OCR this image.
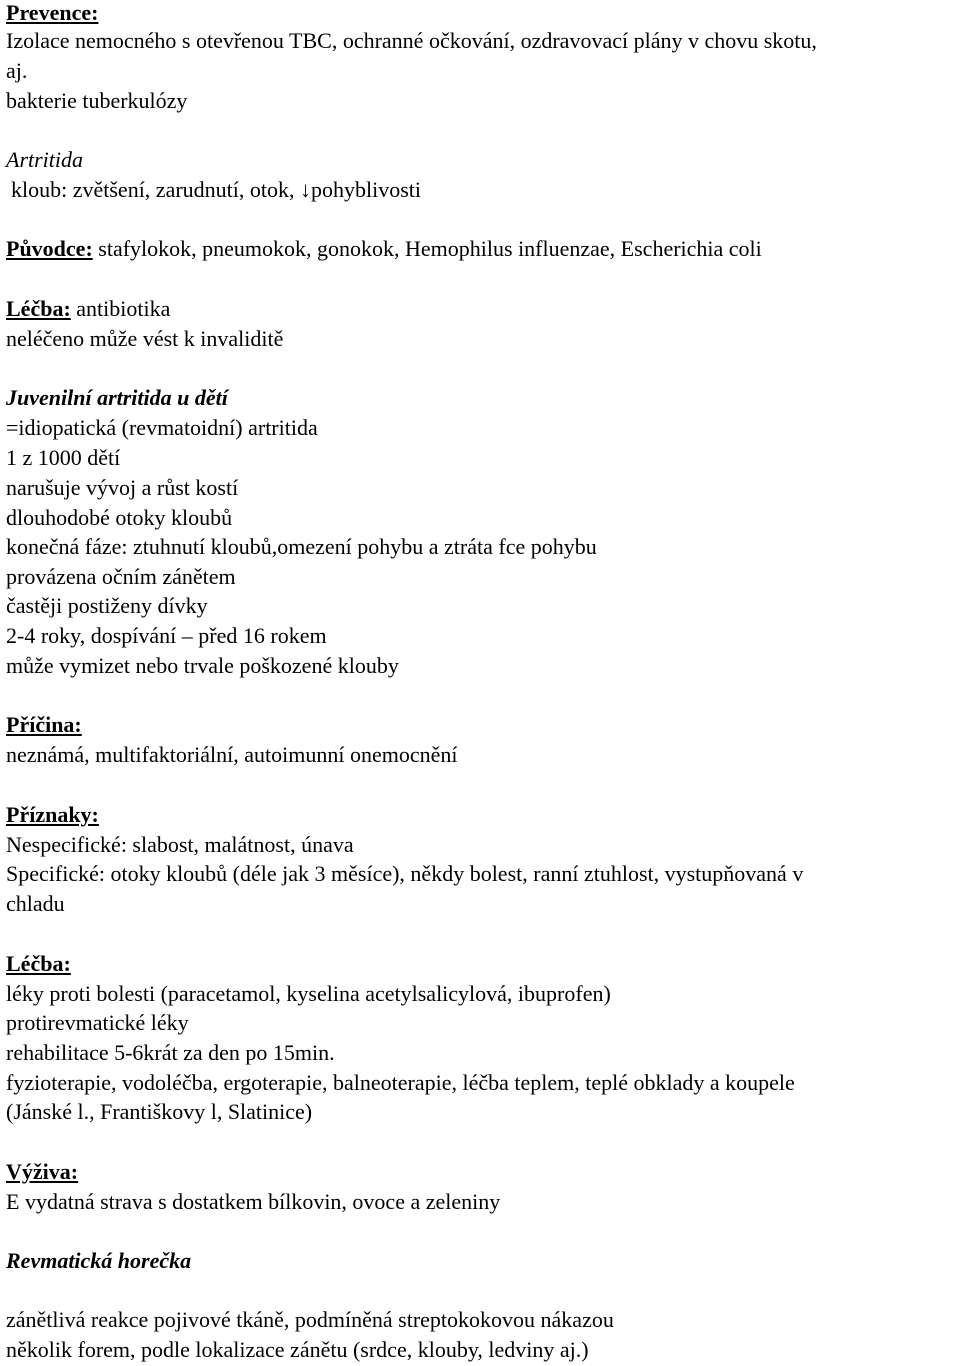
Prevence:
Izolace nemocného s otevřenou TBC, ochranné očkování, ozdravovací plány v chovu skotu,
aj.
bakterie tuberkulózy
Artritida
kloub: zvětšení, zarudnutí, otok, ↓pohyblivosti
Původce: stafylokok, pneumokok, gonokok, Hemophilus influenzae, Escherichia coli
Léčba: antibiotika
neléčeno může vést k invaliditě
Juvenilní artritida u dětí
=idiopatická (revmatoidní) artritida
1 z 1000 dětí
narušuje vývoj a růst kostí
dlouhodobé otoky kloubů
konečná fáze: ztuhnutí kloubů,omezení pohybu a ztráta fce pohybu
provázena očním zánětem
častěji postiženy dívky
2-4 roky, dospívání – před 16 rokem
může vymizet nebo trvale poškozené klouby
Příčina:
neznámá, multifaktoriální, autoimunní onemocnění
Příznaky:
Nespecifické: slabost, malátnost, únava
Specifické: otoky kloubů (déle jak 3 měsíce), někdy bolest, ranní ztuhlost, vystupňovaná v
chladu
Léčba:
léky proti bolesti (paracetamol, kyselina acetylsalicylová, ibuprofen)
protirevmatické léky
rehabilitace 5-6krát za den po 15min.
fyzioterapie, vodoléčba, ergoterapie, balneoterapie, léčba teplem, teplé obklady a koupele
(Jánské l., Františkovy l, Slatinice)
Výživa:
E vydatná strava s dostatkem bílkovin, ovoce a zeleniny
Revmatická horečka
zánětlivá reakce pojivové tkáně, podmíněná streptokokovou nákazou
několik forem, podle lokalizace zánětu (srdce, klouby, ledviny aj.)
